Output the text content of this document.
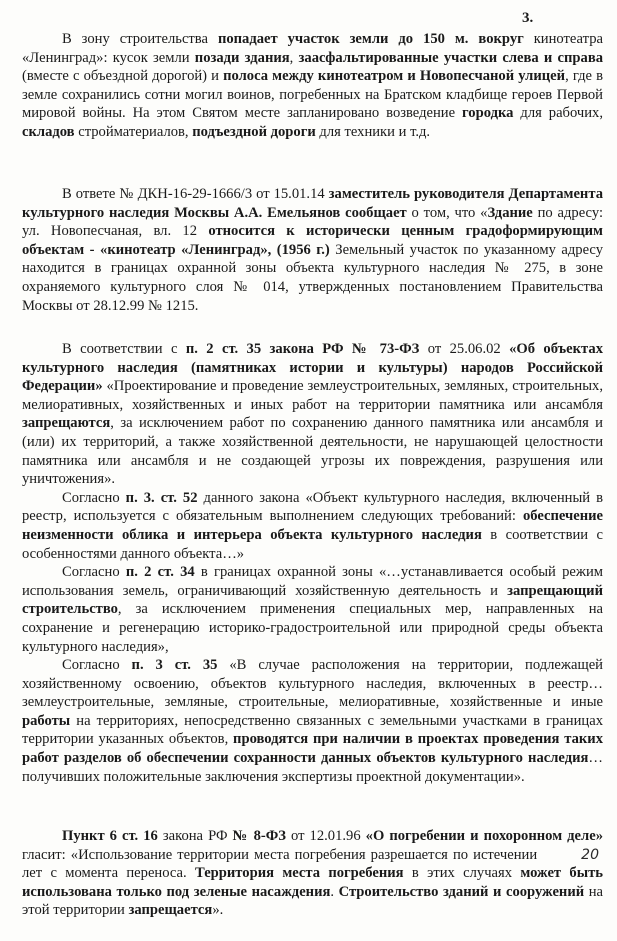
3.

В зону строительства попадает участок земли до 150 м. вокруг кинотеатра «Ленинград»: кусок земли позади здания, заасфальтированные участки слева и справа (вместе с объездной дорогой) и полоса между кинотеатром и Новопесчаной улицей, где в земле сохранились сотни могил воинов, погребенных на Братском кладбище героев Первой мировой войны. На этом Святом месте запланировано возведение городка для рабочих, складов стройматериалов, подъездной дороги для техники и т.д.

В ответе № ДКН-16-29-1666/3 от 15.01.14 заместитель руководителя Департамента культурного наследия Москвы А.А. Емельянов сообщает о том, что «Здание по адресу: ул. Новопесчаная, вл. 12 относится к исторически ценным градоформирующим объектам - «кинотеатр «Ленинград», (1956 г.) Земельный участок по указанному адресу находится в границах охранной зоны объекта культурного наследия № 275, в зоне охраняемого культурного слоя № 014, утвержденных постановлением Правительства Москвы от 28.12.99 № 1215.

В соответствии с п. 2 ст. 35 закона РФ № 73-ФЗ от 25.06.02 «Об объектах культурного наследия (памятниках истории и культуры) народов Российской Федерации» «Проектирование и проведение землеустроительных, земляных, строительных, мелиоративных, хозяйственных и иных работ на территории памятника или ансамбля запрещаются, за исключением работ по сохранению данного памятника или ансамбля и (или) их территорий, а также хозяйственной деятельности, не нарушающей целостности памятника или ансамбля и не создающей угрозы их повреждения, разрушения или уничтожения».

Согласно п. 3. ст. 52 данного закона «Объект культурного наследия, включенный в реестр, используется с обязательным выполнением следующих требований: обеспечение неизменности облика и интерьера объекта культурного наследия в соответствии с особенностями данного объекта…»

Согласно п. 2 ст. 34 в границах охранной зоны «…устанавливается особый режим использования земель, ограничивающий хозяйственную деятельность и запрещающий строительство, за исключением применения специальных мер, направленных на сохранение и регенерацию историко-градостроительной или природной среды объекта культурного наследия»,

Согласно п. 3 ст. 35 «В случае расположения на территории, подлежащей хозяйственному освоению, объектов культурного наследия, включенных в реестр… землеустроительные, земляные, строительные, мелиоративные, хозяйственные и иные работы на территориях, непосредственно связанных с земельными участками в границах территории указанных объектов, проводятся при наличии в проектах проведения таких работ разделов об обеспечении сохранности данных объектов культурного наследия… получивших положительные заключения экспертизы проектной документации».

Пункт 6 ст. 16 закона РФ № 8-ФЗ от 12.01.96 «О погребении и похоронном деле» гласит: «Использование территории места погребения разрешается по истечении	20лет с момента переноса. Территория места погребения в этих случаях может быть использована только под зеленые насаждения. Строительство зданий и сооружений на этой территории запрещается».
